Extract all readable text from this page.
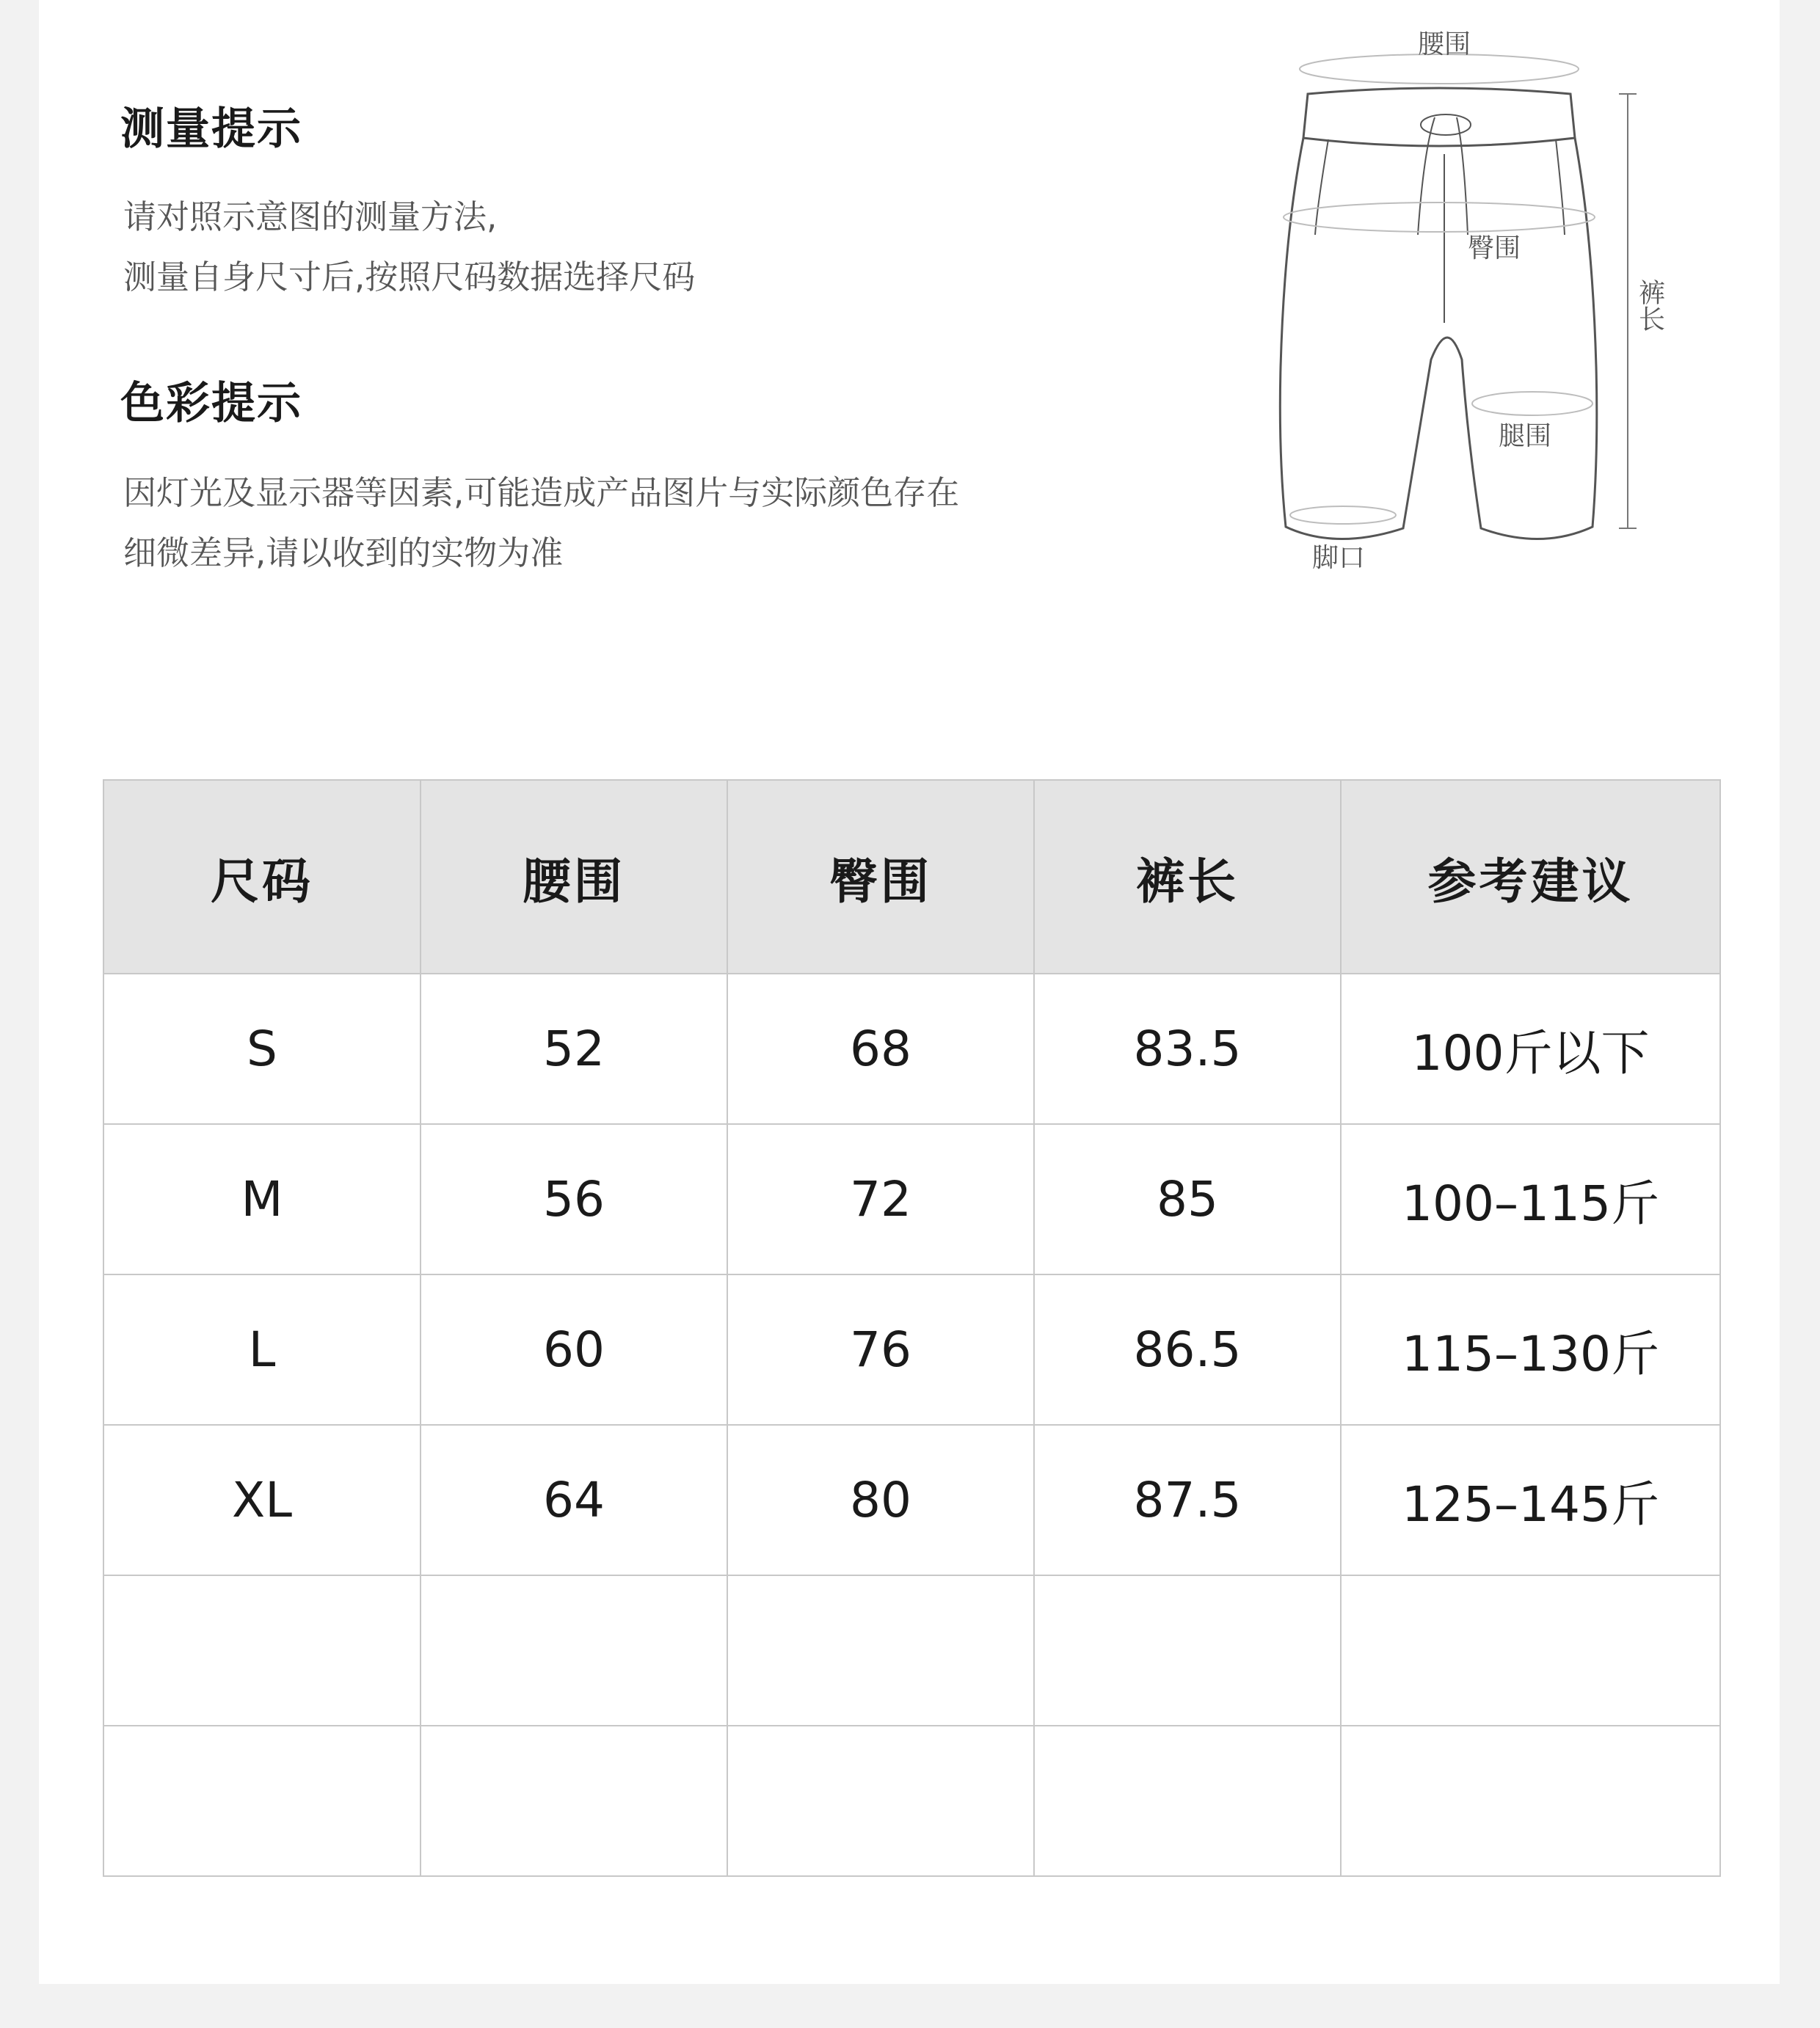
测量提示
请对照示意图的测量方法,
测量自身尺寸后,按照尺码数据选择尺码
色彩提示
因灯光及显示器等因素,可能造成产品图片与实际颜色存在
细微差异,请以收到的实物为准
腰围
臀围
腿围
脚口
裤长
尺码	腰围	臀围	裤长	参考建议
S	52	68	83.5	100斤以下
M	56	72	85	100–115斤
L	60	76	86.5	115–130斤
XL	64	80	87.5	125–145斤
